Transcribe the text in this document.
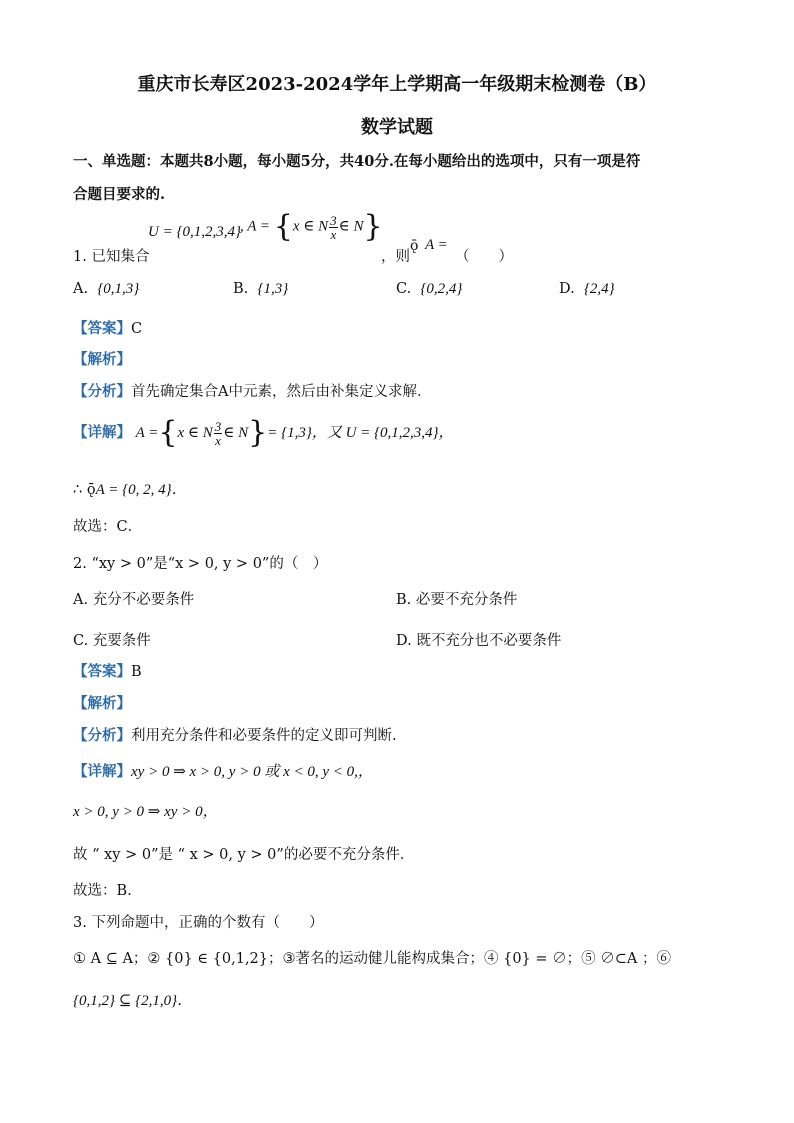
重庆市长寿区2023-2024学年上学期高一年级期末检测卷（B）
数学试题
一、单选题：本题共8小题，每小题5分，共40分.在每小题给出的选项中，只有一项是符
合题目要求的.
U = {0,1,2,3,4} , A = {x ∈ N $\frac{3}{x}$ ∈ N}
1. 已知集合	，则
ǭ A =
（　　）
A. {0,1,3}	B. {1,3}	C. {0,2,4}	D. {2,4}
【答案】C
【解析】
【分析】首先确定集合A中元素，然后由补集定义求解．
【详解】 A ={x ∈ N $\frac{3}{x}$ ∈ N}= {1,3}，又 U = {0,1,2,3,4}，
∴ ǭA = {0, 2, 4}．
故选：C．
2. “xy > 0”是“x > 0, y > 0”的（　）
A. 充分不必要条件	B. 必要不充分条件
C. 充要条件	D. 既不充分也不必要条件
【答案】B
【解析】
【分析】利用充分条件和必要条件的定义即可判断.
【详解】xy > 0 ⇒ x > 0, y > 0 或 x < 0, y < 0,，
x > 0, y > 0 ⇒ xy > 0，
故 “ xy > 0”是 “ x > 0, y > 0”的必要不充分条件．
故选：B.
3. 下列命题中，正确的个数有（　　）
① A ⊆ A；② {0} ∈ {0,1,2}；③著名的运动健儿能构成集合；④ {0} = ∅；⑤ ∅⊂A ；⑥
{0,1,2} ⊆ {2,1,0}．
